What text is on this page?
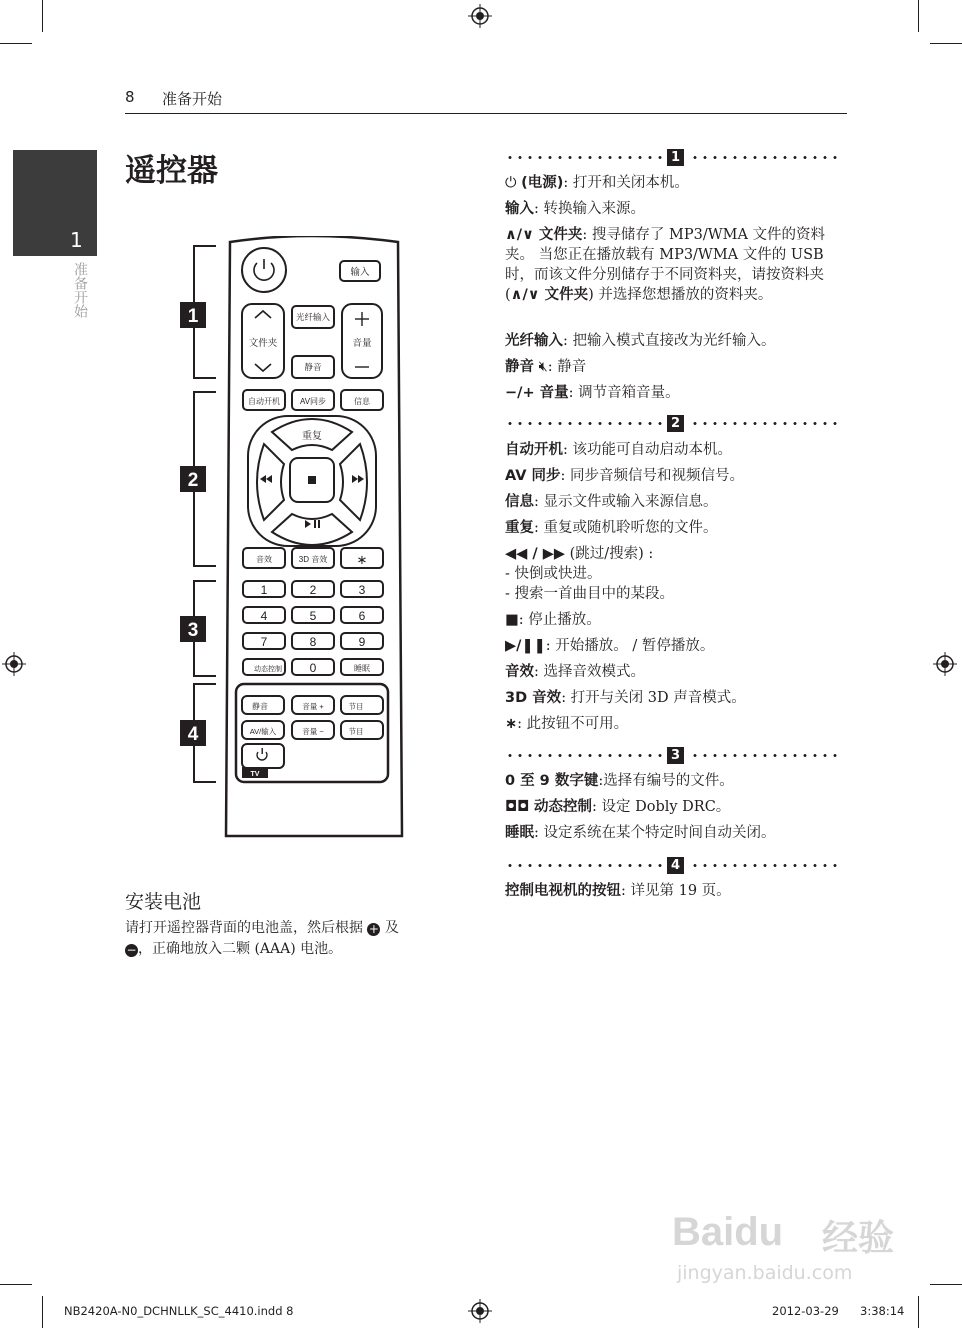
8 准备开始
1
准备开始
遥控器
1
2
3
4
输入
文件夹
光纤输入
音量
静音
自动开机 AV同步	信息
重复
音效	3D 音效 ∗
1	2	3
4	5	6
7	8	9
0
动态控制	睡眠
静音	音量 +	节目
AV/输入	音量 −	节目
TV
安装电池
请打开遥控器背面的电池盖，然后根据 + 及
−，正确地放入二颗 (AAA) 电池。
1
⏻ (电源): 打开和关闭本机。
输入: 转换输入来源。
∧/∨ 文件夹: 搜寻储存了 MP3/WMA 文件的资料夹。 当您正在播放载有 MP3/WMA 文件的 USB 时，而该文件分别储存于不同资料夹，请按资料夹 (∧/∨ 文件夹) 并选择您想播放的资料夹。
光纤输入: 把输入模式直接改为光纤输入。
静音 🔇︎: 静音
−/+ 音量: 调节音箱音量。
2
自动开机: 该功能可自动启动本机。
AV 同步: 同步音频信号和视频信号。
信息: 显示文件或输入来源信息。
重复: 重复或随机聆听您的文件。
◀◀ / ▶▶ (跳过/搜索) :
- 快倒或快进。
- 搜索一首曲目中的某段。
■: 停止播放。
▶/❚❚: 开始播放。 / 暂停播放。
音效: 选择音效模式。
3D 音效: 打开与关闭 3D 声音模式。
∗: 此按钮不可用。
3
0 至 9 数字键:选择有编号的文件。
◘◘ 动态控制: 设定 Dobly DRC。
睡眠: 设定系统在某个特定时间自动关闭。
4
控制电视机的按钮: 详见第 19 页。
Baidu 经验
jingyan.baidu.com
NB2420A-N0_DCHNLLK_SC_4410.indd 8	2012-03-29 3:38:14
